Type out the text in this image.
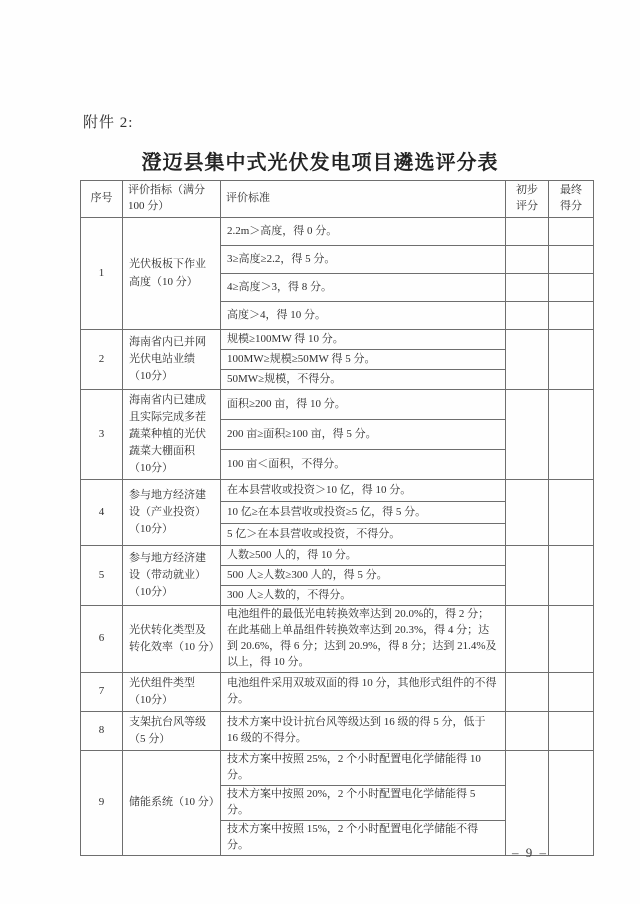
附件 2:
澄迈县集中式光伏发电项目遴选评分表
序号	评价指标（满分 100 分）	评价标准	初步评分	最终得分
1	光伏板板下作业高度（10 分）	2.2m＞高度，得 0 分。		
		3≥高度≥2.2，得 5 分。		
		4≥高度＞3，得 8 分。		
		高度＞4，得 10 分。		
2	海南省内已并网光伏电站业绩（10分）	规模≥100MW 得 10 分。		
		100MW≥规模≥50MW 得 5 分。		
		50MW≥规模，不得分。		
3	海南省内已建成且实际完成多茬蔬菜种植的光伏蔬菜大棚面积（10分）	面积≥200 亩，得 10 分。		
		200 亩≥面积≥100 亩，得 5 分。		
		100 亩＜面积，不得分。		
4	参与地方经济建设（产业投资）（10分）	在本县营收或投资＞10 亿，得 10 分。		
		10 亿≥在本县营收或投资≥5 亿，得 5 分。		
		5 亿＞在本县营收或投资，不得分。		
5	参与地方经济建设（带动就业）（10分）	人数≥500 人的，得 10 分。		
		500 人≥人数≥300 人的，得 5 分。		
		300 人≥人数的，不得分。		
6	光伏转化类型及转化效率（10 分）	电池组件的最低光电转换效率达到 20.0%的，得 2 分；在此基础上单晶组件转换效率达到 20.3%，得 4 分；达到 20.6%，得 6 分；达到 20.9%，得 8 分；达到 21.4%及以上，得 10 分。		
7	光伏组件类型（10分）	电池组件采用双玻双面的得 10 分，其他形式组件的不得分。		
8	支架抗台风等级（5 分）	技术方案中设计抗台风等级达到 16 级的得 5 分，低于 16 级的不得分。		
9	储能系统（10 分）	技术方案中按照 25%，2 个小时配置电化学储能得 10 分。		
		技术方案中按照 20%，2 个小时配置电化学储能得 5 分。		
		技术方案中按照 15%，2 个小时配置电化学储能不得分。		
– 9 –
